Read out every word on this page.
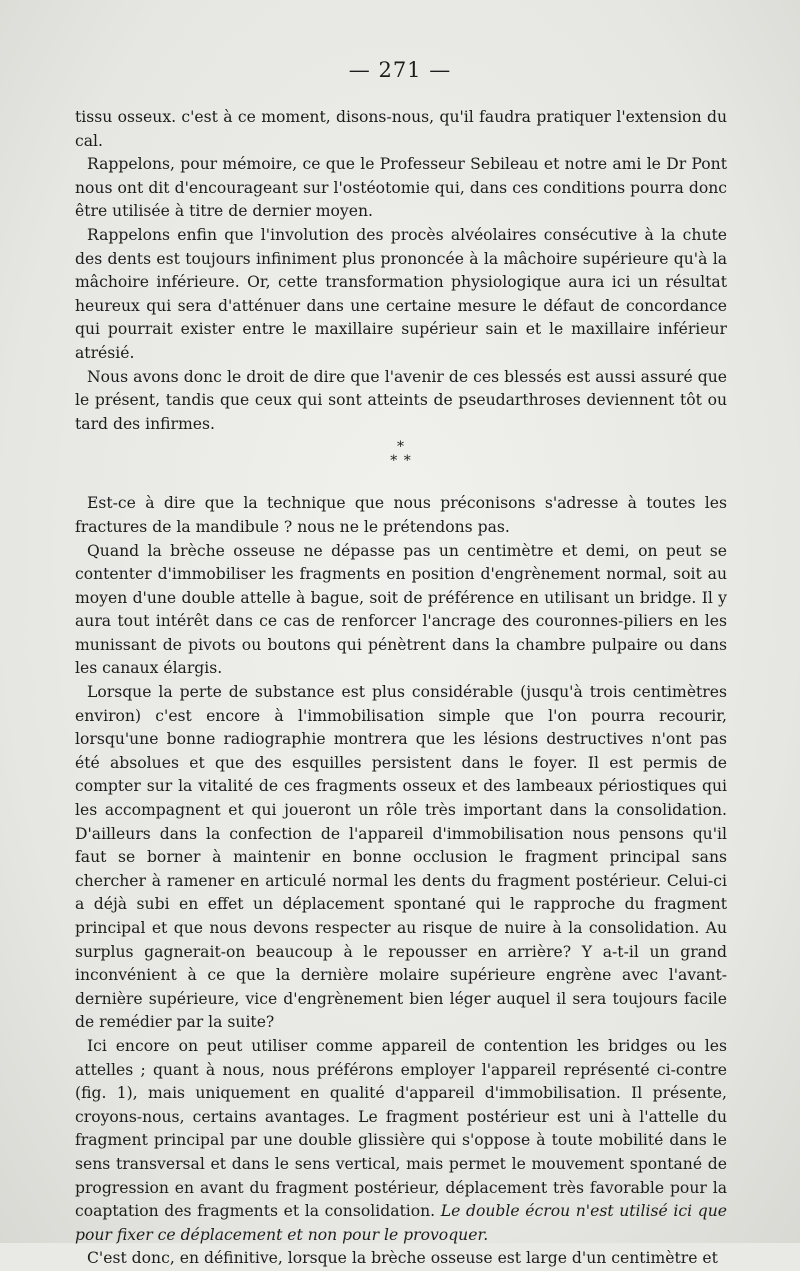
— 271 —

tissu osseux. c'est à ce moment, disons-nous, qu'il faudra pratiquer l'extension du cal.

Rappelons, pour mémoire, ce que le Professeur Sebileau et notre ami le Dr Pont nous ont dit d'encourageant sur l'ostéotomie qui, dans ces conditions pourra donc être utilisée à titre de dernier moyen.

Rappelons enfin que l'involution des procès alvéolaires consécutive à la chute des dents est toujours infiniment plus prononcée à la mâchoire supérieure qu'à la mâchoire inférieure. Or, cette transformation physiologique aura ici un résultat heureux qui sera d'atténuer dans une certaine mesure le défaut de concordance qui pourrait exister entre le maxillaire supérieur sain et le maxillaire inférieur atrésié.

Nous avons donc le droit de dire que l'avenir de ces blessés est aussi assuré que le présent, tandis que ceux qui sont atteints de pseudarthroses deviennent tôt ou tard des infirmes.

*
* *

Est-ce à dire que la technique que nous préconisons s'adresse à toutes les fractures de la mandibule ? nous ne le prétendons pas.

Quand la brèche osseuse ne dépasse pas un centimètre et demi, on peut se contenter d'immobiliser les fragments en position d'engrènement normal, soit au moyen d'une double attelle à bague, soit de préférence en utilisant un bridge. Il y aura tout intérêt dans ce cas de renforcer l'ancrage des couronnes-piliers en les munissant de pivots ou boutons qui pénètrent dans la chambre pulpaire ou dans les canaux élargis.

Lorsque la perte de substance est plus considérable (jusqu'à trois centimètres environ) c'est encore à l'immobilisation simple que l'on pourra recourir, lorsqu'une bonne radiographie montrera que les lésions destructives n'ont pas été absolues et que des esquilles persistent dans le foyer. Il est permis de compter sur la vitalité de ces fragments osseux et des lambeaux périostiques qui les accompagnent et qui joueront un rôle très important dans la consolidation. D'ailleurs dans la confection de l'appareil d'immobilisation nous pensons qu'il faut se borner à maintenir en bonne occlusion le fragment principal sans chercher à ramener en articulé normal les dents du fragment postérieur. Celui-ci a déjà subi en effet un déplacement spontané qui le rapproche du fragment principal et que nous devons respecter au risque de nuire à la consolidation. Au surplus gagnerait-on beaucoup à le repousser en arrière? Y a-t-il un grand inconvénient à ce que la dernière molaire supérieure engrène avec l'avant-dernière supérieure, vice d'engrènement bien léger auquel il sera toujours facile de remédier par la suite?

Ici encore on peut utiliser comme appareil de contention les bridges ou les attelles ; quant à nous, nous préférons employer l'appareil représenté ci-contre (fig. 1), mais uniquement en qualité d'appareil d'immobilisation. Il présente, croyons-nous, certains avantages. Le fragment postérieur est uni à l'attelle du fragment principal par une double glissière qui s'oppose à toute mobilité dans le sens transversal et dans le sens vertical, mais permet le mouvement spontané de progression en avant du fragment postérieur, déplacement très favorable pour la coaptation des fragments et la consolidation. Le double écrou n'est utilisé ici que pour fixer ce déplacement et non pour le provoquer.

C'est donc, en définitive, lorsque la brèche osseuse est large d'un centimètre et
